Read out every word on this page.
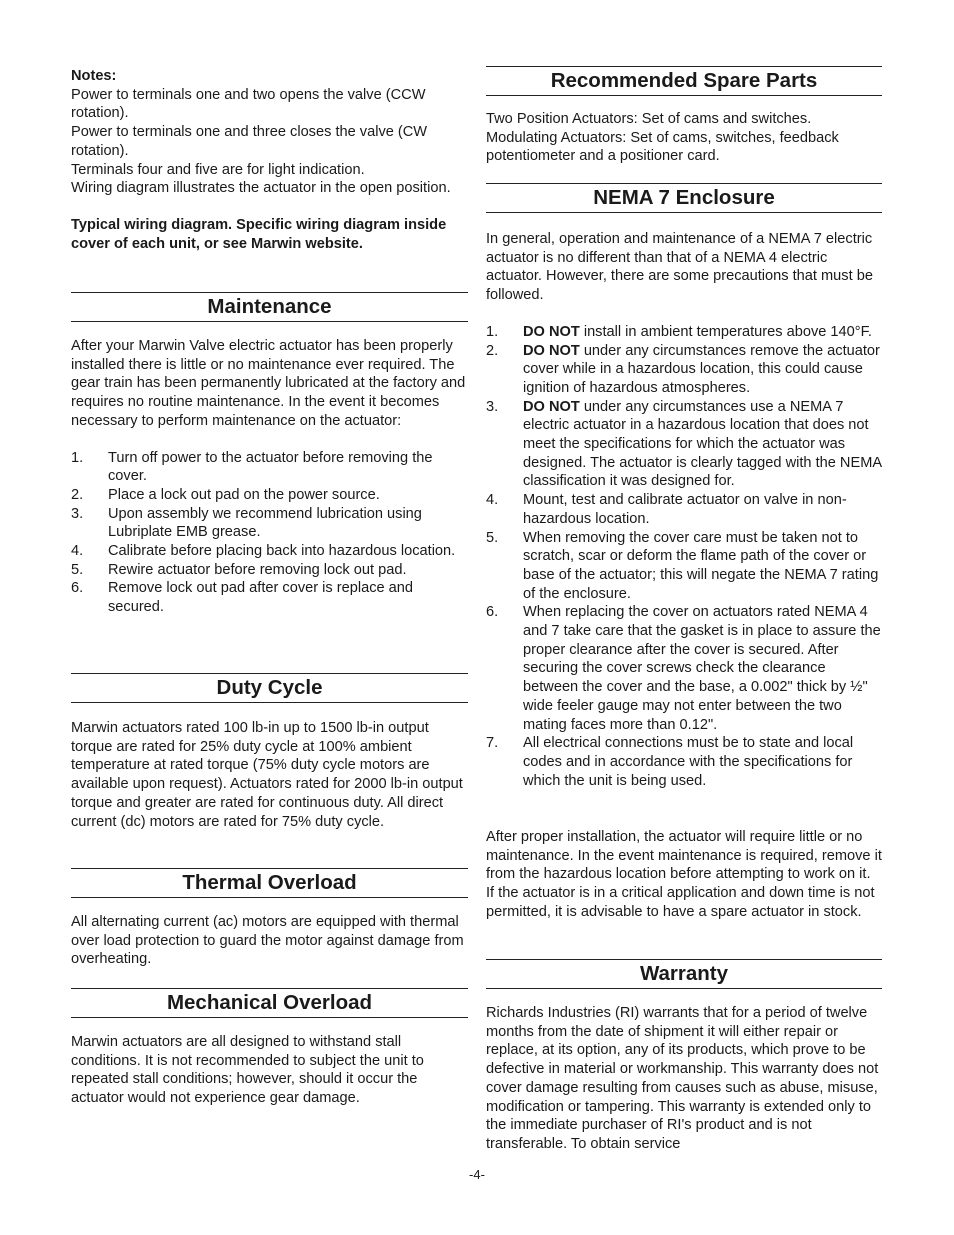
Notes:

Power to terminals one and two opens the valve (CCW rotation).

Power to terminals one and three closes the valve (CW rotation).

Terminals four and five are for light indication.

Wiring diagram illustrates the actuator in the open position.

Typical wiring diagram. Specific wiring diagram inside cover of each unit, or see Marwin website.

Maintenance

After your Marwin Valve electric actuator has been properly installed there is little or no maintenance ever required. The gear train has been permanently lubricated at the factory and requires no routine maintenance. In the event it becomes necessary to perform maintenance on the actuator:

1. Turn off power to the actuator before removing the cover.
2. Place a lock out pad on the power source.
3. Upon assembly we recommend lubrication using Lubriplate EMB grease.
4. Calibrate before placing back into hazardous location.
5. Rewire actuator before removing lock out pad.
6. Remove lock out pad after cover is replace and secured.
Duty Cycle
Marwin actuators rated 100 lb-in up to 1500 lb-in output torque are rated for 25% duty cycle at 100% ambient temperature at rated torque (75% duty cycle motors are available upon request). Actuators rated for 2000 lb-in output torque and greater are rated for continuous duty. All direct current (dc) motors are rated for 75% duty cycle.
Thermal Overload
All alternating current (ac) motors are equipped with thermal over load protection to guard the motor against damage from overheating.
Mechanical Overload
Marwin actuators are all designed to withstand stall conditions. It is not recommended to subject the unit to repeated stall conditions; however, should it occur the actuator would not experience gear damage.
Recommended Spare Parts

Two Position Actuators: Set of cams and switches.

Modulating Actuators: Set of cams, switches, feedback potentiometer and a positioner card.

NEMA 7 Enclosure

In general, operation and maintenance of a NEMA 7 electric actuator is no different than that of a NEMA 4 electric actuator. However, there are some precautions that must be followed.

1. DO NOT install in ambient temperatures above 140°F.
2. DO NOT under any circumstances remove the actuator cover while in a hazardous location, this could cause ignition of hazardous atmospheres.
3. DO NOT under any circumstances use a NEMA 7 electric actuator in a hazardous location that does not meet the specifications for which the actuator was designed. The actuator is clearly tagged with the NEMA classification it was designed for.
4. Mount, test and calibrate actuator on valve in non-hazardous location.
5. When removing the cover care must be taken not to scratch, scar or deform the flame path of the cover or base of the actuator; this will negate the NEMA 7 rating of the enclosure.
6. When replacing the cover on actuators rated NEMA 4 and 7 take care that the gasket is in place to assure the proper clearance after the cover is secured. After securing the cover screws check the clearance between the cover and the base, a 0.002" thick by ½" wide feeler gauge may not enter between the two mating faces more than 0.12".
7. All electrical connections must be to state and local codes and in accordance with the specifications for which the unit is being used.
After proper installation, the actuator will require little or no maintenance. In the event maintenance is required, remove it from the hazardous location before attempting to work on it. If the actuator is in a critical application and down time is not permitted, it is advisable to have a spare actuator in stock.
Warranty
Richards Industries (RI) warrants that for a period of twelve months from the date of shipment it will either repair or replace, at its option, any of its products, which prove to be defective in material or workmanship. This warranty does not cover damage resulting from causes such as abuse, misuse, modification or tampering. This warranty is extended only to the immediate purchaser of RI's product and is not transferable. To obtain service
-4-
